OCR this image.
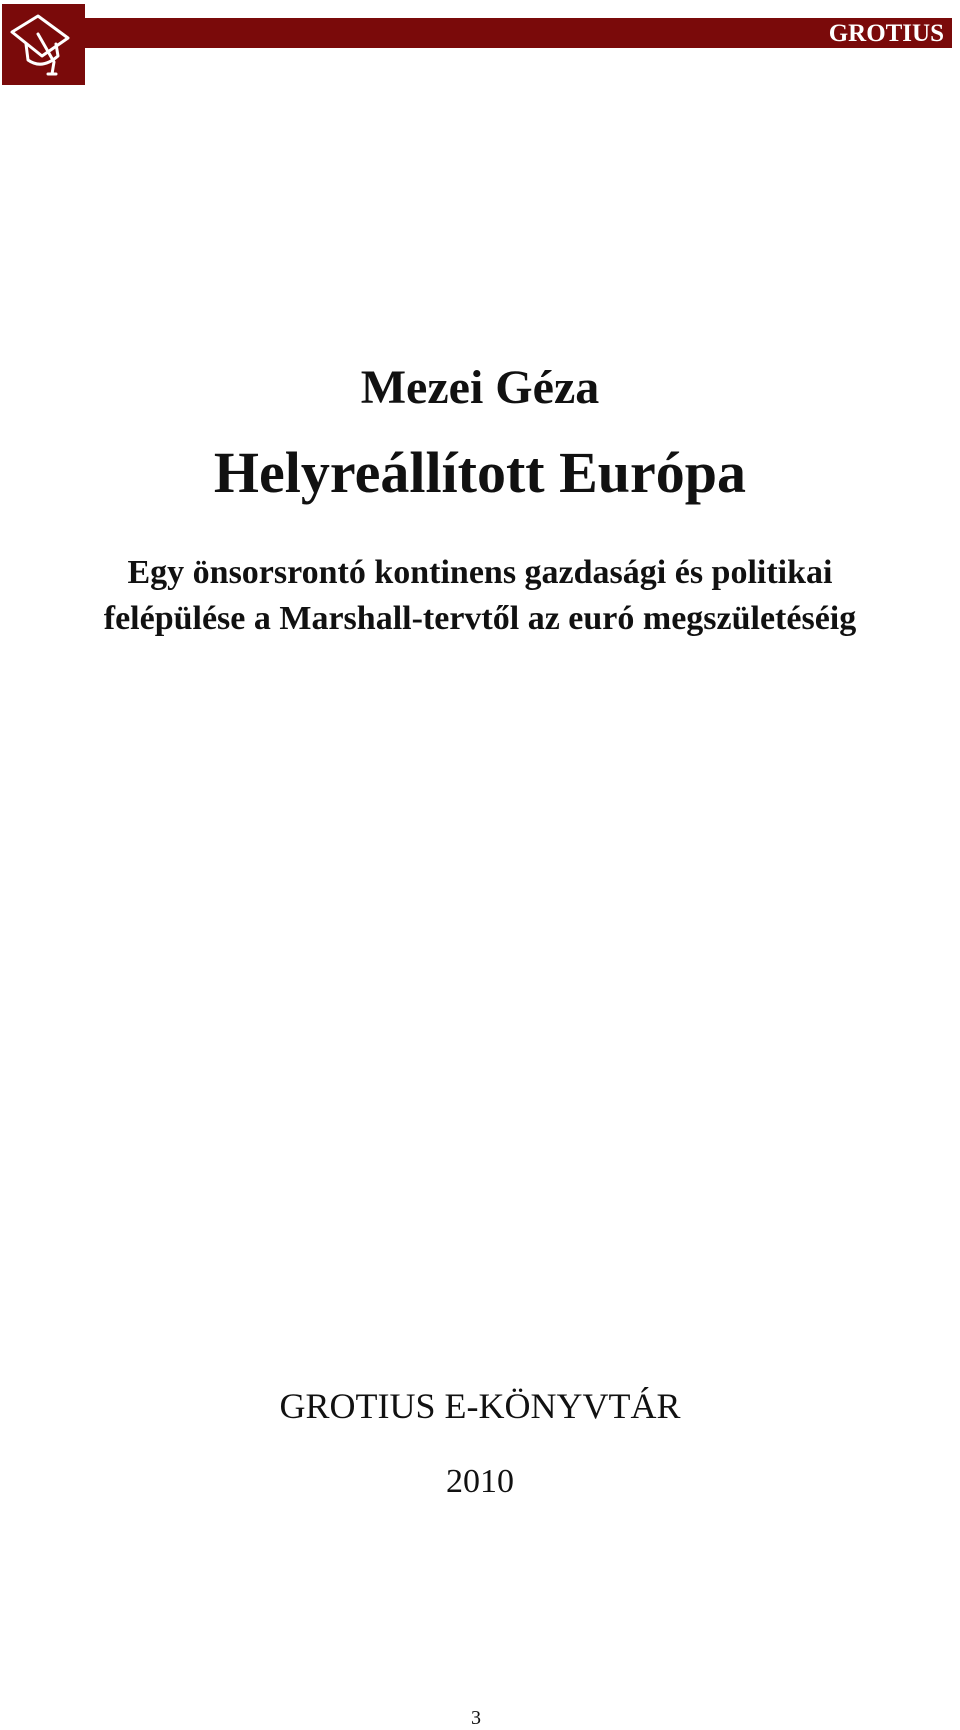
GROTIUS
Mezei Géza
Helyreállított Európa
Egy önsorsrontó kontinens gazdasági és politikai
felépülése a Marshall-tervtől az euró megszületéséig
GROTIUS E-KÖNYVTÁR
2010
3
